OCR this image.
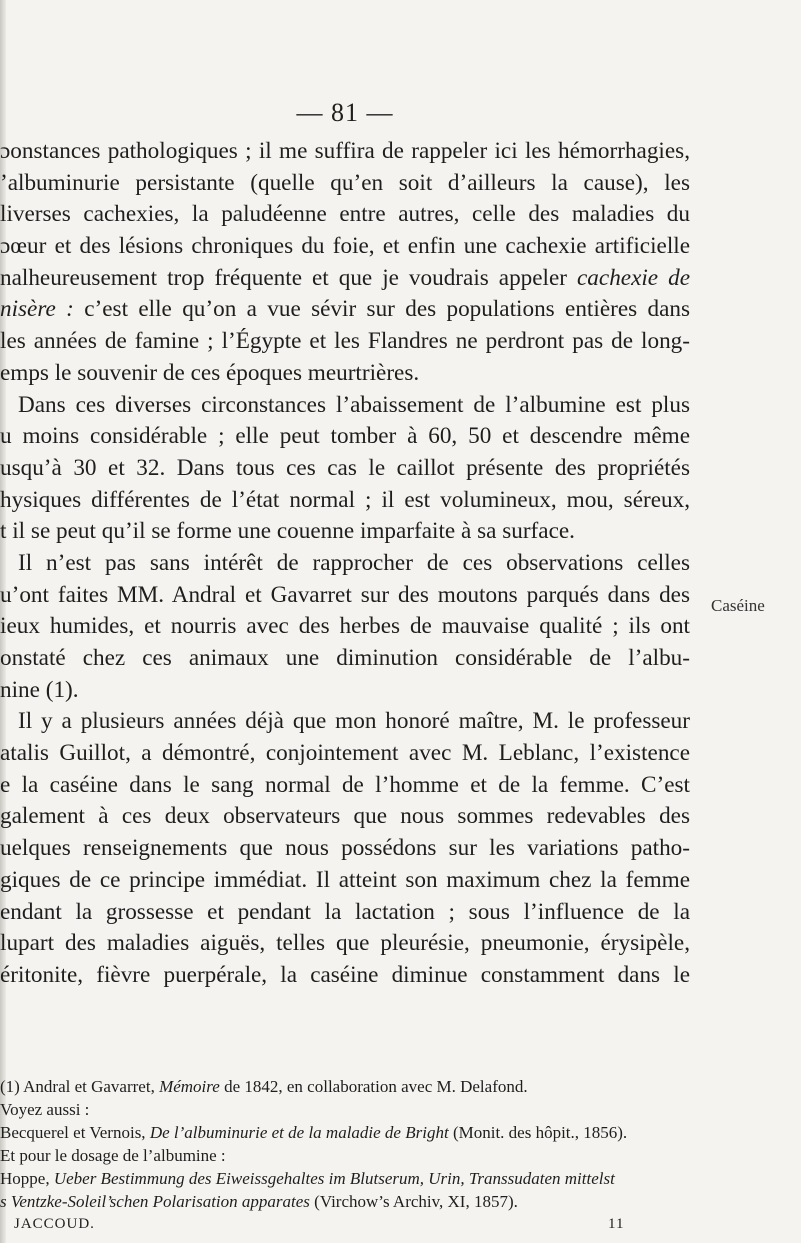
— 81 —
ɔonstances pathologiques ; il me suffira de rappeler ici les hémorrhagies,
’albuminurie persistante (quelle qu’en soit d’ailleurs la cause), les
liverses cachexies, la paludéenne entre autres, celle des maladies du
ɔœur et des lésions chroniques du foie, et enfin une cachexie artificielle
nalheureusement trop fréquente et que je voudrais appeler cachexie de
nisère : c’est elle qu’on a vue sévir sur des populations entières dans
les années de famine ; l’Égypte et les Flandres ne perdront pas de long-
emps le souvenir de ces époques meurtrières.
Dans ces diverses circonstances l’abaissement de l’albumine est plus
u moins considérable ; elle peut tomber à 60, 50 et descendre même
usqu’à 30 et 32. Dans tous ces cas le caillot présente des propriétés
hysiques différentes de l’état normal ; il est volumineux, mou, séreux,
t il se peut qu’il se forme une couenne imparfaite à sa surface.
Il n’est pas sans intérêt de rapprocher de ces observations celles
u’ont faites MM. Andral et Gavarret sur des moutons parqués dans des
ieux humides, et nourris avec des herbes de mauvaise qualité ; ils ont
onstaté chez ces animaux une diminution considérable de l’albu-
nine (1).
Il y a plusieurs années déjà que mon honoré maître, M. le professeur
atalis Guillot, a démontré, conjointement avec M. Leblanc, l’existence
e la caséine dans le sang normal de l’homme et de la femme. C’est
galement à ces deux observateurs que nous sommes redevables des
uelques renseignements que nous possédons sur les variations patho-
giques de ce principe immédiat. Il atteint son maximum chez la femme
endant la grossesse et pendant la lactation ; sous l’influence de la
lupart des maladies aiguës, telles que pleurésie, pneumonie, érysipèle,
éritonite, fièvre puerpérale, la caséine diminue constamment dans le
Caséine
(1) Andral et Gavarret, Mémoire de 1842, en collaboration avec M. Delafond.
Voyez aussi :
Becquerel et Vernois, De l’albuminurie et de la maladie de Bright (Monit. des hôpit., 1856).
Et pour le dosage de l’albumine :
Hoppe, Ueber Bestimmung des Eiweissgehaltes im Blutserum, Urin, Transsudaten mittelst
s Ventzke-Soleil’schen Polarisation apparates (Virchow’s Archiv, XI, 1857).
JACCOUD.	11
